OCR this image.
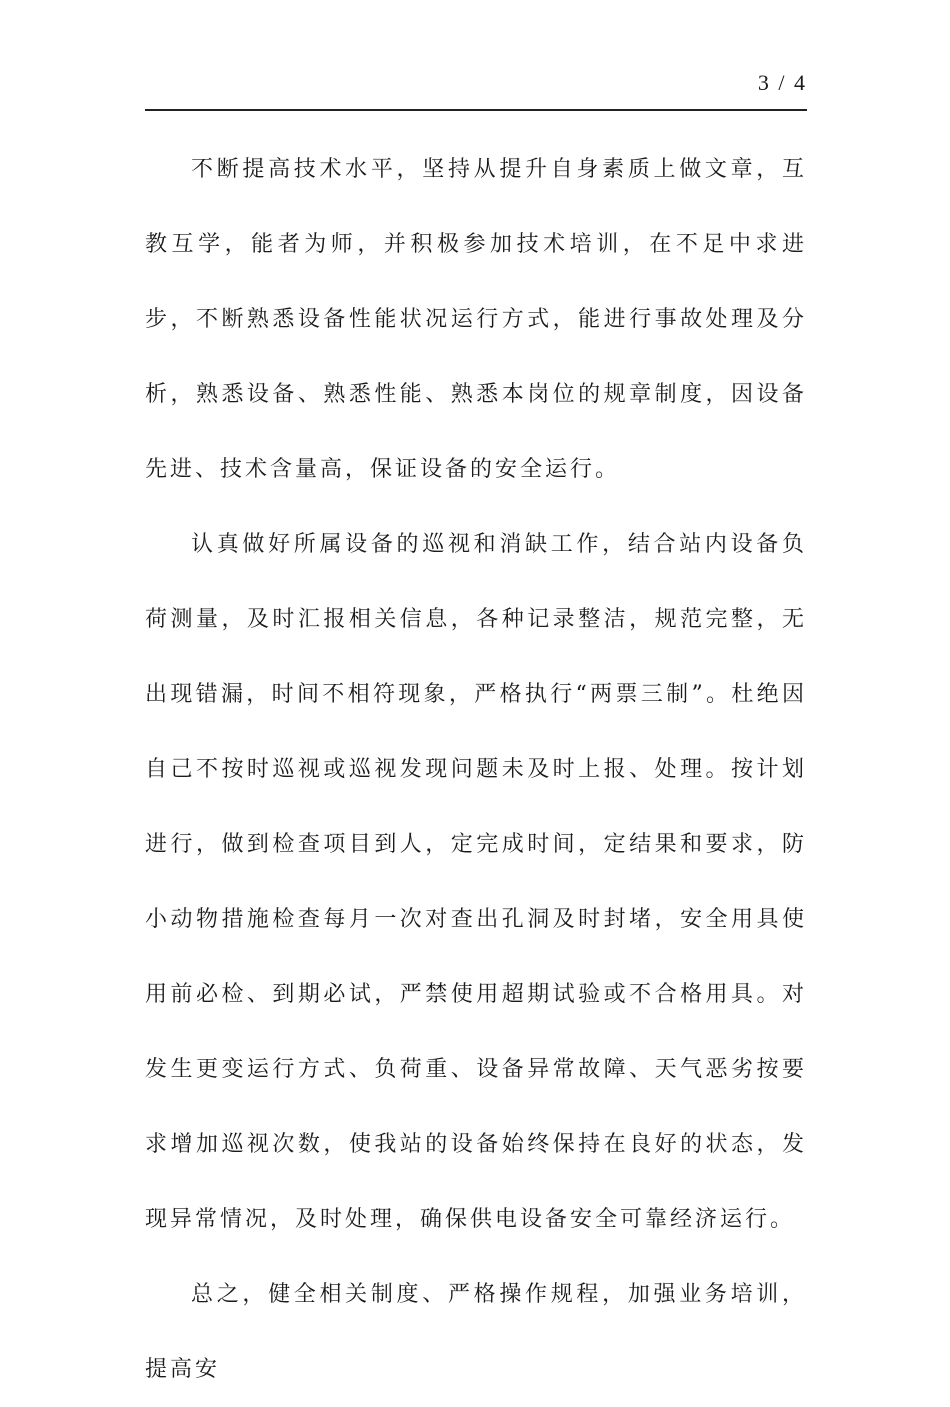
3 / 4

不断提高技术水平，坚持从提升自身素质上做文章，互教互学，能者为师，并积极参加技术培训，在不足中求进步，不断熟悉设备性能状况运行方式，能进行事故处理及分析，熟悉设备、熟悉性能、熟悉本岗位的规章制度，因设备先进、技术含量高，保证设备的安全运行。

认真做好所属设备的巡视和消缺工作，结合站内设备负荷测量，及时汇报相关信息，各种记录整洁，规范完整，无出现错漏，时间不相符现象，严格执行“两票三制”。杜绝因自己不按时巡视或巡视发现问题未及时上报、处理。按计划进行，做到检查项目到人，定完成时间，定结果和要求，防小动物措施检查每月一次对查出孔洞及时封堵，安全用具使用前必检、到期必试，严禁使用超期试验或不合格用具。对发生更变运行方式、负荷重、设备异常故障、天气恶劣按要求增加巡视次数，使我站的设备始终保持在良好的状态，发现异常情况，及时处理，确保供电设备安全可靠经济运行。

总之，健全相关制度、严格操作规程，加强业务培训，提高安
